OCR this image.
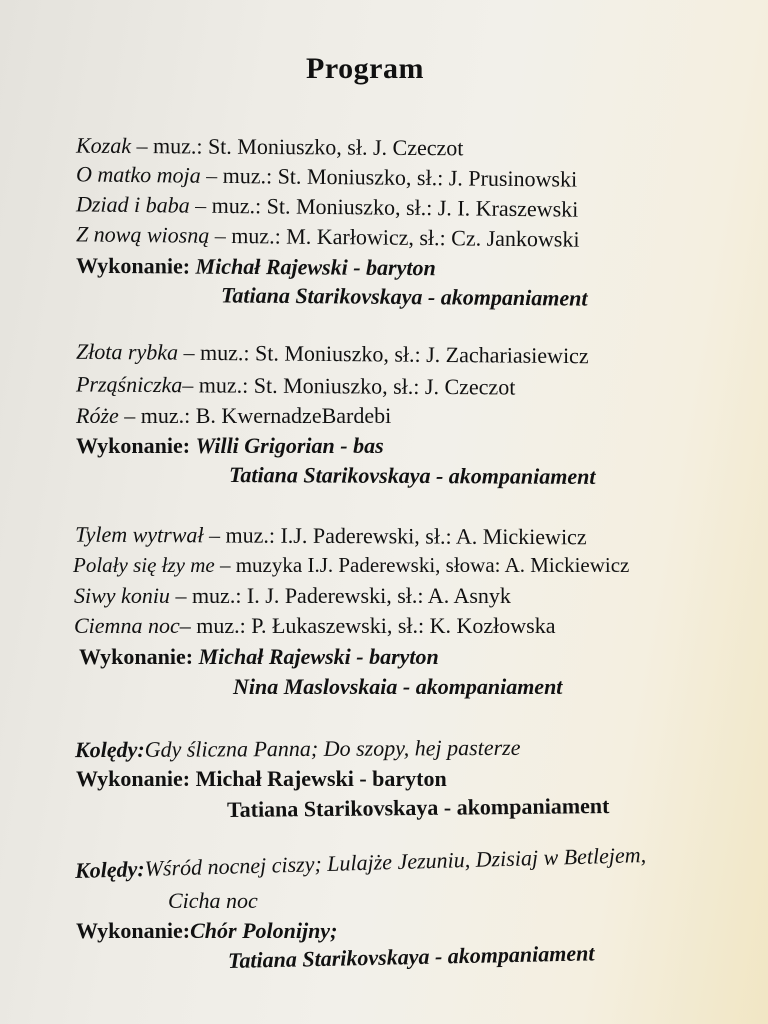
Program
Kozak – muz.: St. Moniuszko, sł. J. Czeczot
O matko moja – muz.: St. Moniuszko, sł.: J. Prusinowski
Dziad i baba – muz.: St. Moniuszko, sł.: J. I. Kraszewski
Z nową wiosną – muz.: M. Karłowicz, sł.: Cz. Jankowski
Wykonanie: Michał Rajewski - baryton
Tatiana Starikovskaya - akompaniament
Złota rybka – muz.: St. Moniuszko, sł.: J. Zachariasiewicz
Prząśniczka– muz.: St. Moniuszko, sł.: J. Czeczot
Róże – muz.: B. KwernadzeBardebi
Wykonanie: Willi Grigorian - bas
Tatiana Starikovskaya - akompaniament
Tylem wytrwał – muz.: I.J. Paderewski, sł.: A. Mickiewicz
Polały się łzy me – muzyka I.J. Paderewski, słowa: A. Mickiewicz
Siwy koniu – muz.: I. J. Paderewski, sł.: A. Asnyk
Ciemna noc– muz.: P. Łukaszewski, sł.: K. Kozłowska
Wykonanie: Michał Rajewski - baryton
Nina Maslovskaia - akompaniament
Kolędy:Gdy śliczna Panna; Do szopy, hej pasterze
Wykonanie: Michał Rajewski - baryton
Tatiana Starikovskaya - akompaniament
Kolędy:Wśród nocnej ciszy; Lulajże Jezuniu, Dzisiaj w Betlejem,
Cicha noc
Wykonanie:Chór Polonijny;
Tatiana Starikovskaya - akompaniament
